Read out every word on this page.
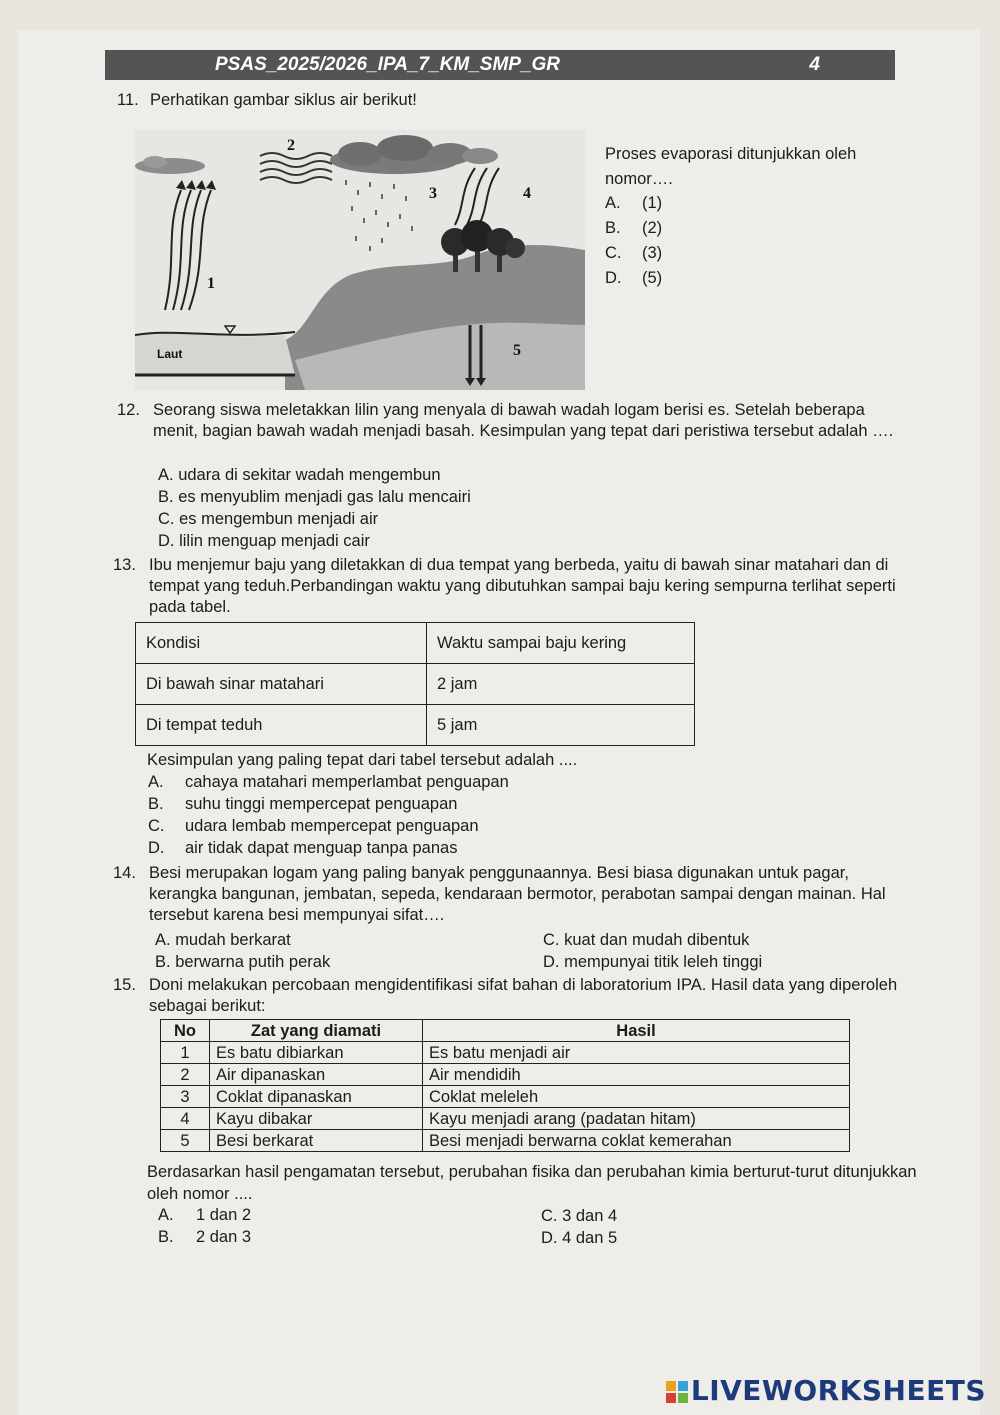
PSAS_2025/2026_IPA_7_KM_SMP_GR	4
11. Perhatikan gambar siklus air berikut!
1
2
3	4
5
Laut
Proses evaporasi ditunjukkan oleh nomor….
A. (1)
B. (2)
C. (3)
D. (5)
12. Seorang siswa meletakkan lilin yang menyala di bawah wadah logam berisi es. Setelah beberapa menit, bagian bawah wadah menjadi basah. Kesimpulan yang tepat dari peristiwa tersebut adalah ….
A. udara di sekitar wadah mengembun
B. es menyublim menjadi gas lalu mencairi
C. es mengembun menjadi air
D. lilin menguap menjadi cair
13. Ibu menjemur baju yang diletakkan di dua tempat yang berbeda, yaitu di bawah sinar matahari dan di tempat yang teduh.Perbandingan waktu yang dibutuhkan sampai baju kering sempurna terlihat seperti pada tabel.
Kondisi	Waktu sampai baju kering
Di bawah sinar matahari	2 jam
Di tempat teduh	5 jam
Kesimpulan yang paling tepat dari tabel tersebut adalah ....
A. cahaya matahari memperlambat penguapan
B. suhu tinggi mempercepat penguapan
C. udara lembab mempercepat penguapan
D. air tidak dapat menguap tanpa panas
14. Besi merupakan logam yang paling banyak penggunaannya. Besi biasa digunakan untuk pagar, kerangka bangunan, jembatan, sepeda, kendaraan bermotor, perabotan sampai dengan mainan. Hal tersebut karena besi mempunyai sifat….
A. mudah berkarat
B. berwarna putih perak
C. kuat dan mudah dibentuk
D. mempunyai titik leleh tinggi
15. Doni melakukan percobaan mengidentifikasi sifat bahan di laboratorium IPA. Hasil data yang diperoleh sebagai berikut:
No	Zat yang diamati	Hasil
1	Es batu dibiarkan	Es batu menjadi air
2	Air dipanaskan	Air mendidih
3	Coklat dipanaskan	Coklat meleleh
4	Kayu dibakar	Kayu menjadi arang (padatan hitam)
5	Besi berkarat	Besi menjadi berwarna coklat kemerahan
Berdasarkan hasil pengamatan tersebut, perubahan fisika dan perubahan kimia berturut-turut ditunjukkan oleh nomor ....
A. 1 dan 2
B. 2 dan 3
C. 3 dan 4
D. 4 dan 5
LIVEWORKSHEETS
